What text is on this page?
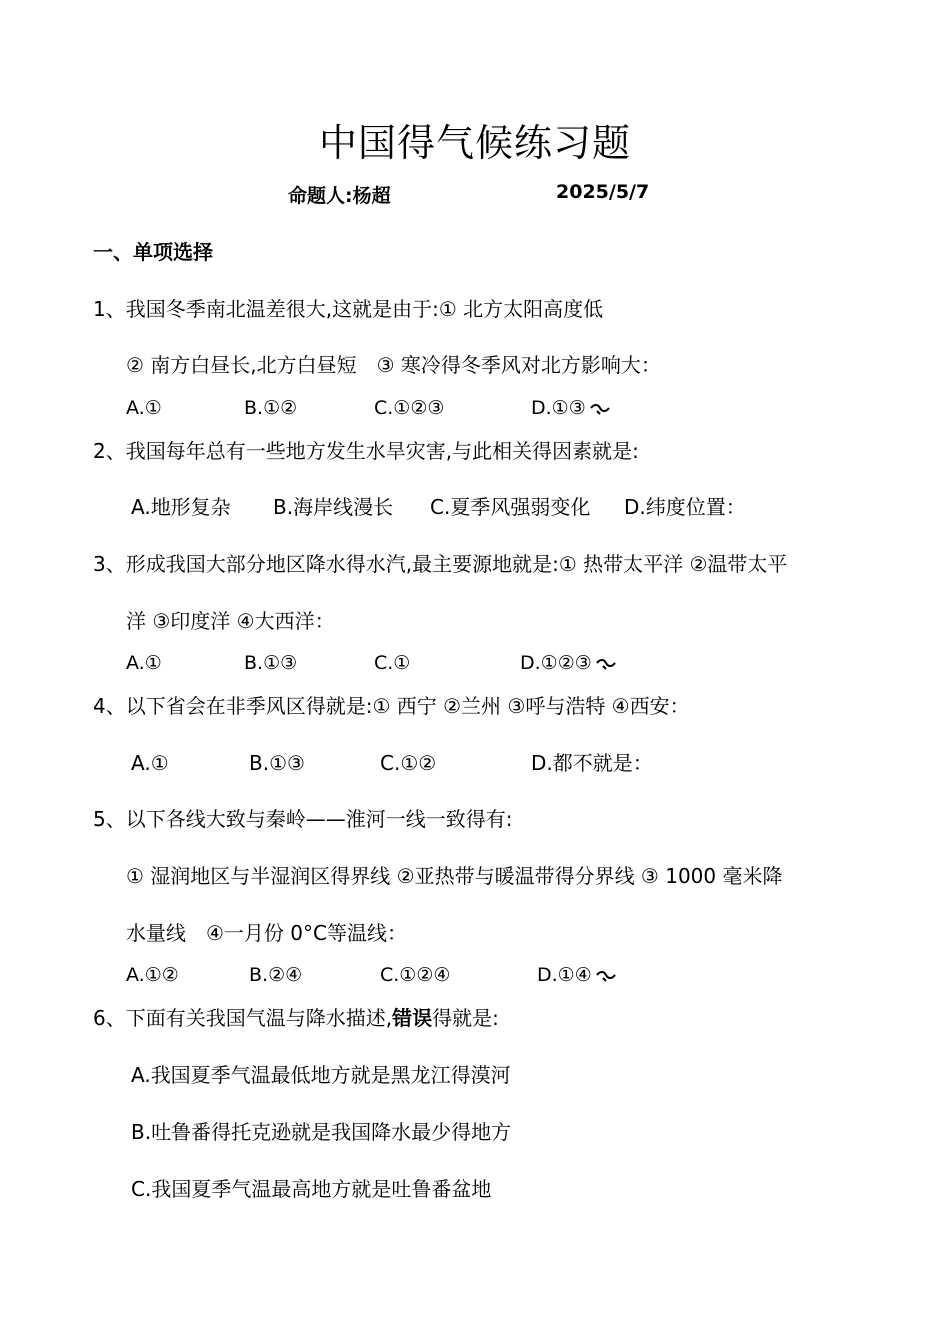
中国得气候练习题
命题人:杨超	2025/5/7
一、单项选择
1、我国冬季南北温差很大,这就是由于:① 北方太阳高度低
② 南方白昼长,北方白昼短　③ 寒冷得冬季风对北方影响大：
A.①	B.①②	C.①②③	D.①③
2、我国每年总有一些地方发生水旱灾害,与此相关得因素就是:
A.地形复杂 B.海岸线漫长 C.夏季风强弱变化 D.纬度位置：
3、形成我国大部分地区降水得水汽,最主要源地就是:① 热带太平洋 ②温带太平
洋 ③印度洋 ④大西洋：
A.①	B.①③	C.①	D.①②③
4、以下省会在非季风区得就是:① 西宁 ②兰州 ③呼与浩特 ④西安：
A.①	B.①③	C.①②	D.都不就是：
5、以下各线大致与秦岭——淮河一线一致得有:
① 湿润地区与半湿润区得界线 ②亚热带与暖温带得分界线 ③ 1000 毫米降
水量线　④一月份 0°C等温线：
A.①②	B.②④	C.①②④	D.①④
6、下面有关我国气温与降水描述,错误得就是:
A.我国夏季气温最低地方就是黑龙江得漠河
B.吐鲁番得托克逊就是我国降水最少得地方
C.我国夏季气温最高地方就是吐鲁番盆地
